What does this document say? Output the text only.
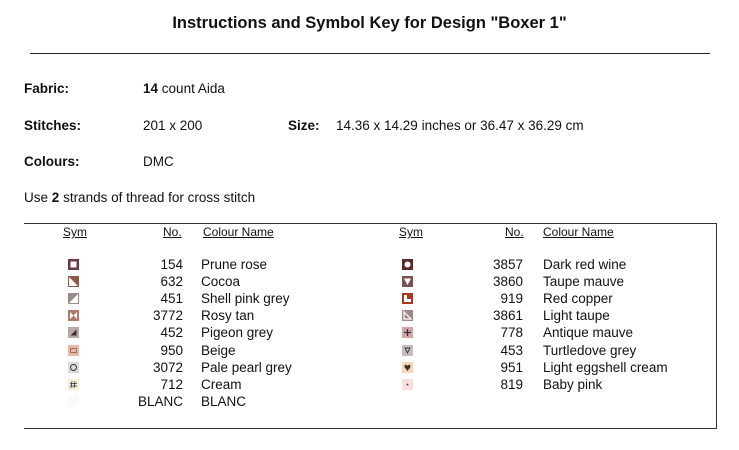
Instructions and Symbol Key for Design "Boxer 1"
Fabric:	14 count Aida
Stitches:	201 x 200	Size: 14.36 x 14.29 inches or 36.47 x 36.29 cm
Colours:	DMC
Use 2 strands of thread for cross stitch
Sym	No. Colour Name	Sym	No. Colour Name
154 Prune rose
632 Cocoa
451 Shell pink grey
3772 Rosy tan
452 Pigeon grey
950 Beige
3072 Pale pearl grey
712 Cream
BLANC BLANC
3857 Dark red wine
3860 Taupe mauve
919 Red copper
3861 Light taupe
778 Antique mauve
453 Turtledove grey
951 Light eggshell cream
819 Baby pink
